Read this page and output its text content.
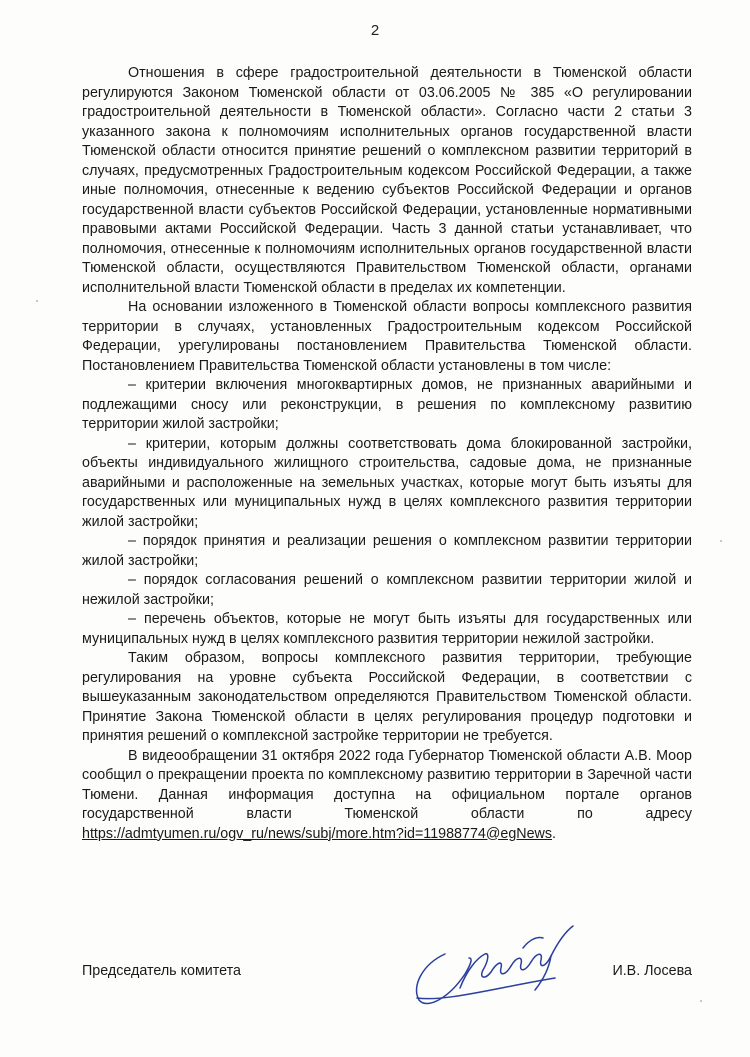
2

Отношения в сфере градостроительной деятельности в Тюменской области регулируются Законом Тюменской области от 03.06.2005 № 385 «О регулировании градостроительной деятельности в Тюменской области». Согласно части 2 статьи 3 указанного закона к полномочиям исполнительных органов государственной власти Тюменской области относится принятие решений о комплексном развитии территорий в случаях, предусмотренных Градостроительным кодексом Российской Федерации, а также иные полномочия, отнесенные к ведению субъектов Российской Федерации и органов государственной власти субъектов Российской Федерации, установленные нормативными правовыми актами Российской Федерации. Часть 3 данной статьи устанавливает, что полномочия, отнесенные к полномочиям исполнительных органов государственной власти Тюменской области, осуществляются Правительством Тюменской области, органами исполнительной власти Тюменской области в пределах их компетенции.

На основании изложенного в Тюменской области вопросы комплексного развития территории в случаях, установленных Градостроительным кодексом Российской Федерации, урегулированы постановлением Правительства Тюменской области. Постановлением Правительства Тюменской области установлены в том числе:

– критерии включения многоквартирных домов, не признанных аварийными и подлежащими сносу или реконструкции, в решения по комплексному развитию территории жилой застройки;

– критерии, которым должны соответствовать дома блокированной застройки, объекты индивидуального жилищного строительства, садовые дома, не признанные аварийными и расположенные на земельных участках, которые могут быть изъяты для государственных или муниципальных нужд в целях комплексного развития территории жилой застройки;

– порядок принятия и реализации решения о комплексном развитии территории жилой застройки;

– порядок согласования решений о комплексном развитии территории жилой и нежилой застройки;

– перечень объектов, которые не могут быть изъяты для государственных или муниципальных нужд в целях комплексного развития территории нежилой застройки.

Таким образом, вопросы комплексного развития территории, требующие регулирования на уровне субъекта Российской Федерации, в соответствии с вышеуказанным законодательством определяются Правительством Тюменской области. Принятие Закона Тюменской области в целях регулирования процедур подготовки и принятия решений о комплексной застройке территории не требуется.

В видеообращении 31 октября 2022 года Губернатор Тюменской области А.В. Моор сообщил о прекращении проекта по комплексному развитию территории в Заречной части Тюмени. Данная информация доступна на официальном портале органов государственной власти Тюменской области по адресу https://admtyumen.ru/ogv_ru/news/subj/more.htm?id=11988774@egNews.

Председатель комитета	И.В. Лосева
